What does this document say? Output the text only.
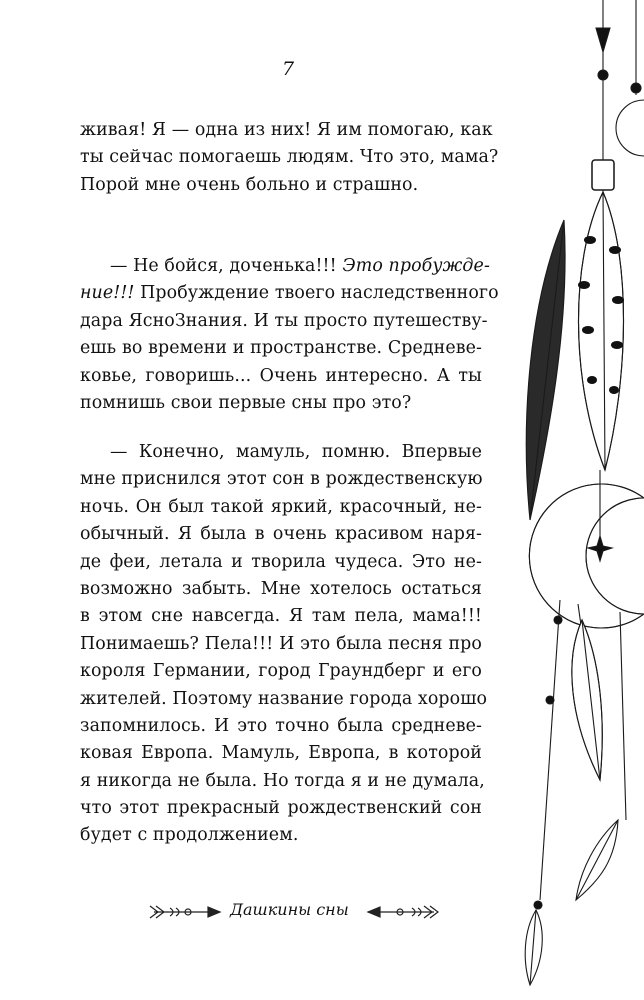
7
живая! Я — одна из них! Я им помогаю, как
ты сейчас помогаешь людям. Что это, мама?
Порой мне очень больно и страшно.
— Не бойся, доченька!!! Это пробужде-
ние!!! Пробуждение твоего наследственного
дара ЯсноЗнания. И ты просто путешеству-
ешь во времени и пространстве. Средневе-
ковье, говоришь... Очень интересно. А ты
помнишь свои первые сны про это?
— Конечно, мамуль, помню. Впервые
мне приснился этот сон в рождественскую
ночь. Он был такой яркий, красочный, не-
обычный. Я была в очень красивом наря-
де феи, летала и творила чудеса. Это не-
возможно забыть. Мне хотелось остаться
в этом сне навсегда. Я там пела, мама!!!
Понимаешь? Пела!!! И это была песня про
короля Германии, город Граундберг и его
жителей. Поэтому название города хорошо
запомнилось. И это точно была средневе-
ковая Европа. Мамуль, Европа, в которой
я никогда не была. Но тогда я и не думала,
что этот прекрасный рождественский сон
будет с продолжением.
Дашкины сны
